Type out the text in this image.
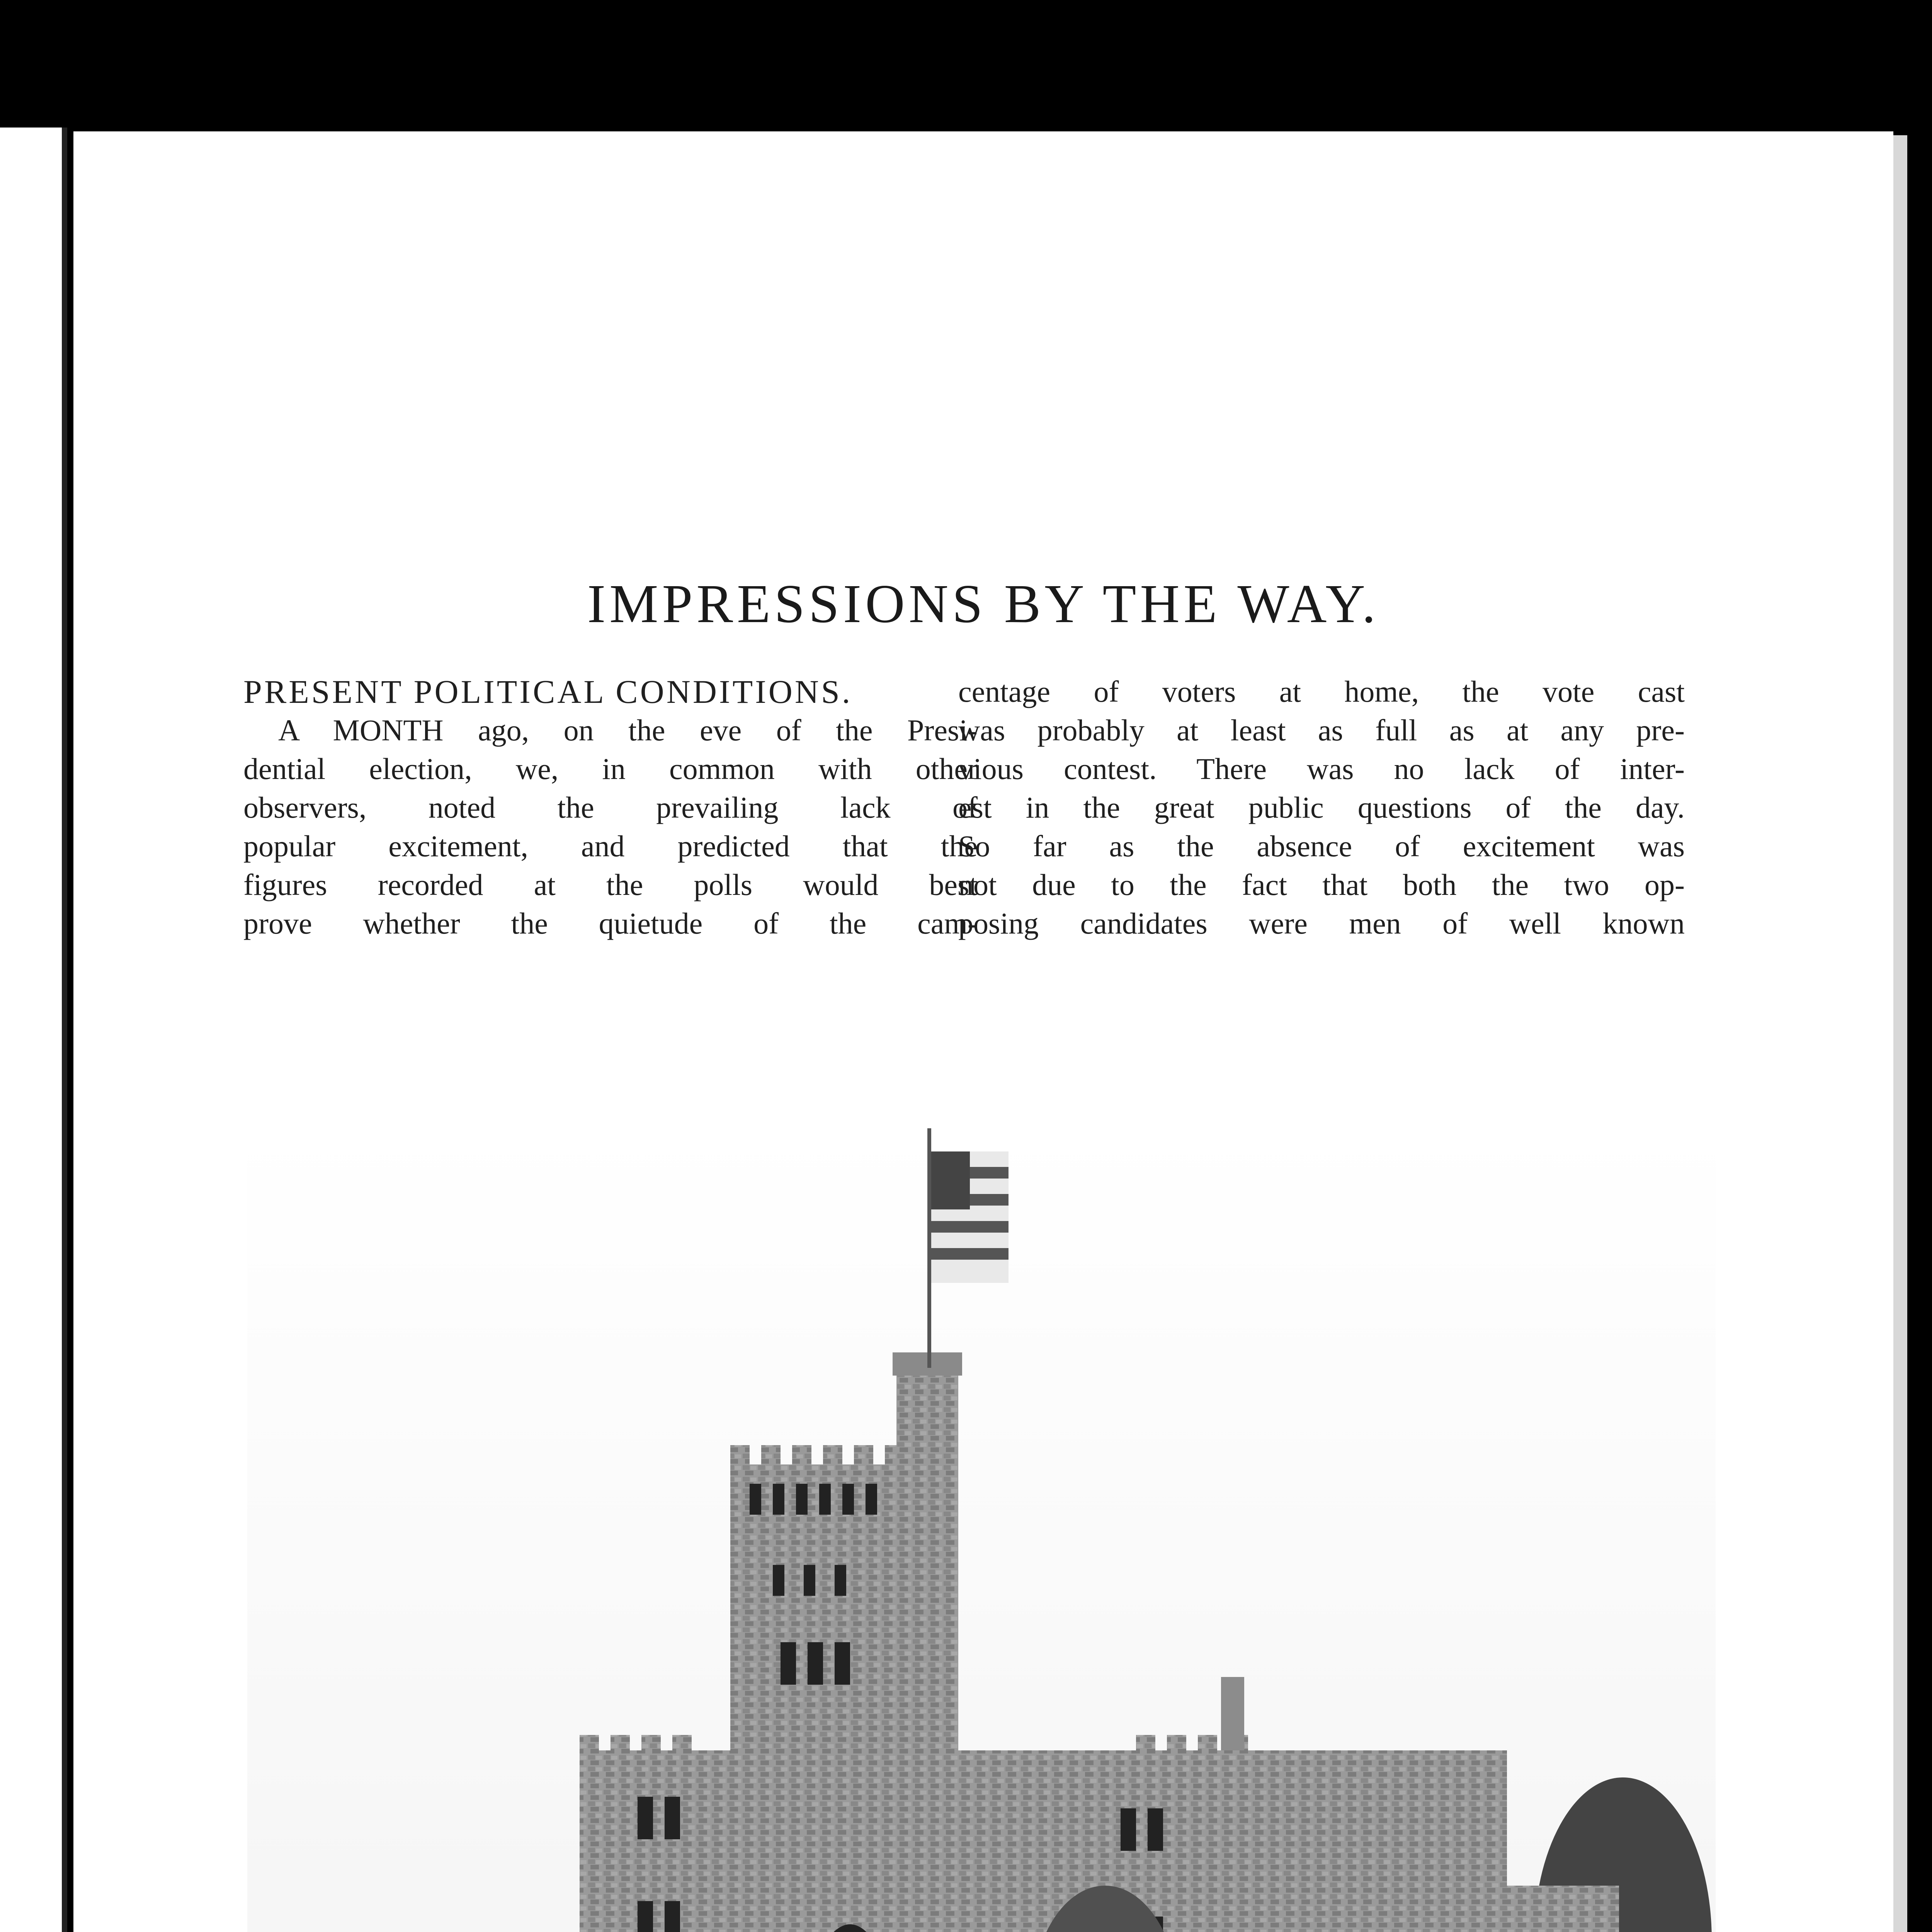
IMPRESSIONS BY THE WAY.
PRESENT POLITICAL CONDITIONS.
A MONTH ago, on the eve of the Presi-
dential election, we, in common with other
observers, noted the prevailing lack of
popular excitement, and predicted that the
figures recorded at the polls would best
prove whether the quietude of the cam-
centage of voters at home, the vote cast
was probably at least as full as at any pre-
vious contest. There was no lack of inter-
est in the great public questions of the day.
So far as the absence of excitement was
not due to the fact that both the two op-
posing candidates were men of well known
